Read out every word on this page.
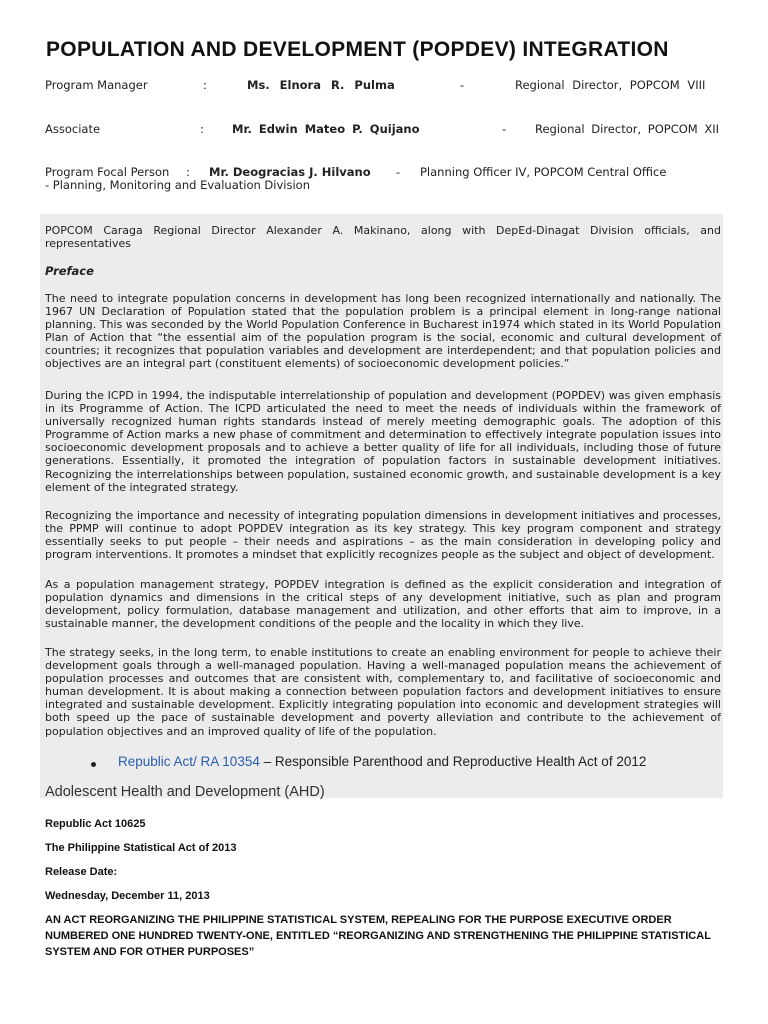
POPULATION AND DEVELOPMENT (POPDEV) INTEGRATION
Program Manager	:	Ms. Elnora R. Pulma	-	Regional Director, POPCOM VIII
Associate	: Mr. Edwin Mateo P. Quijano	-	Regional Director, POPCOM XII
Program Focal Person : Mr. Deogracias J. Hilvano - Planning Officer IV, POPCOM Central Office
- Planning, Monitoring and Evaluation Division
POPCOM Caraga Regional Director Alexander A. Makinano, along with DepEd-Dinagat Division officials, and representatives
Preface
The need to integrate population concerns in development has long been recognized internationally and nationally. The 1967 UN Declaration of Population stated that the population problem is a principal element in long-range national planning. This was seconded by the World Population Conference in Bucharest in1974 which stated in its World Population Plan of Action that “the essential aim of the population program is the social, economic and cultural development of countries; it recognizes that population variables and development are interdependent; and that population policies and objectives are an integral part (constituent elements) of socioeconomic development policies.”
During the ICPD in 1994, the indisputable interrelationship of population and development (POPDEV) was given emphasis in its Programme of Action. The ICPD articulated the need to meet the needs of individuals within the framework of universally recognized human rights standards instead of merely meeting demographic goals. The adoption of this Programme of Action marks a new phase of commitment and determination to effectively integrate population issues into socioeconomic development proposals and to achieve a better quality of life for all individuals, including those of future generations. Essentially, it promoted the integration of population factors in sustainable development initiatives. Recognizing the interrelationships between population, sustained economic growth, and sustainable development is a key element of the integrated strategy.
Recognizing the importance and necessity of integrating population dimensions in development initiatives and processes, the PPMP will continue to adopt POPDEV integration as its key strategy. This key program component and strategy essentially seeks to put people – their needs and aspirations – as the main consideration in developing policy and program interventions. It promotes a mindset that explicitly recognizes people as the subject and object of development.
As a population management strategy, POPDEV integration is defined as the explicit consideration and integration of population dynamics and dimensions in the critical steps of any development initiative, such as plan and program development, policy formulation, database management and utilization, and other efforts that aim to improve, in a sustainable manner, the development conditions of the people and the locality in which they live.
The strategy seeks, in the long term, to enable institutions to create an enabling environment for people to achieve their development goals through a well-managed population. Having a well-managed population means the achievement of population processes and outcomes that are consistent with, complementary to, and facilitative of socioeconomic and human development. It is about making a connection between population factors and development initiatives to ensure integrated and sustainable development. Explicitly integrating population into economic and development strategies will both speed up the pace of sustainable development and poverty alleviation and contribute to the achievement of population objectives and an improved quality of life of the population.
Republic Act/ RA 10354 – Responsible Parenthood and Reproductive Health Act of 2012
Adolescent Health and Development (AHD)
Republic Act 10625
The Philippine Statistical Act of 2013
Release Date:
Wednesday, December 11, 2013
AN ACT REORGANIZING THE PHILIPPINE STATISTICAL SYSTEM, REPEALING FOR THE PURPOSE EXECUTIVE ORDER NUMBERED ONE HUNDRED TWENTY-ONE, ENTITLED “REORGANIZING AND STRENGTHENING THE PHILIPPINE STATISTICAL SYSTEM AND FOR OTHER PURPOSES”
